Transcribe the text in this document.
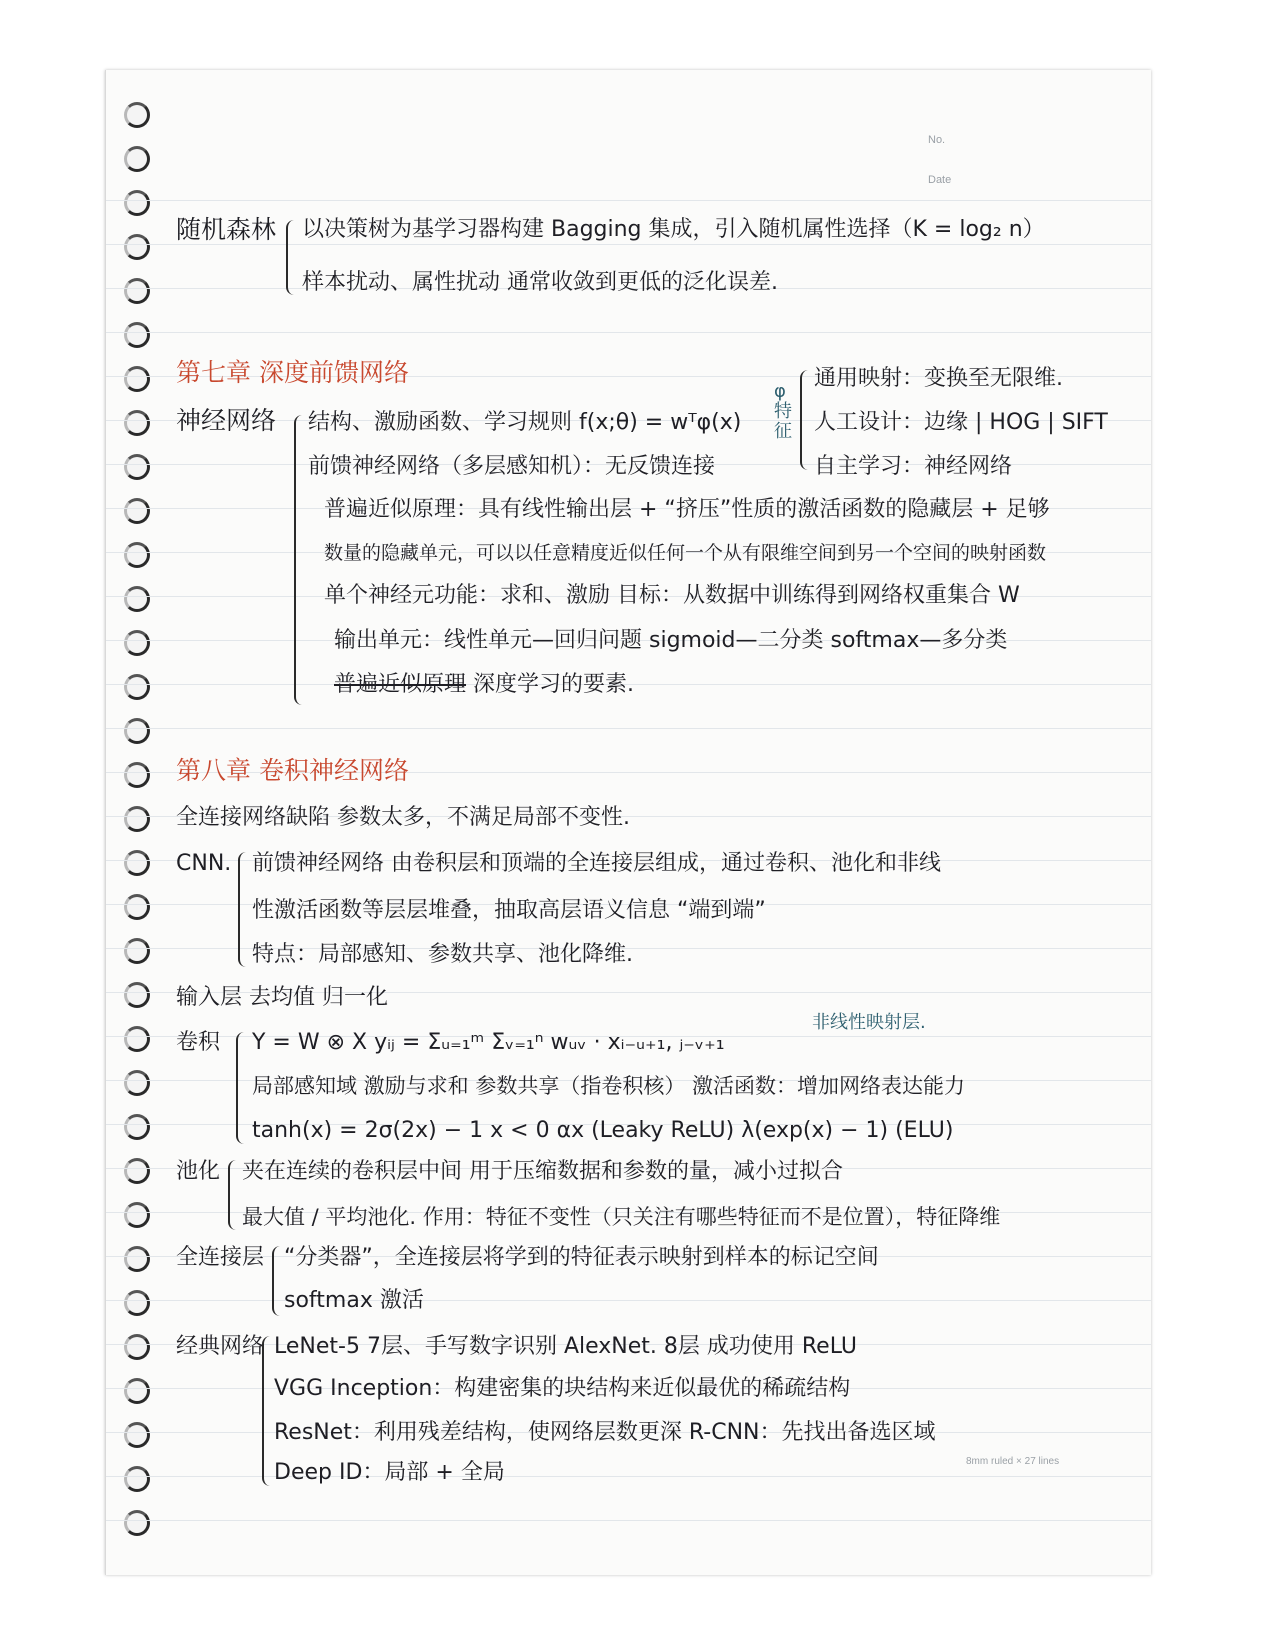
No.
Date
随机森林 以决策树为基学习器构建 Bagging 集成，引入随机属性选择（K = log₂ n）
样本扰动、属性扰动 通常收敛到更低的泛化误差.
第七章 深度前馈网络
神经网络 结构、激励函数、学习规则 f(x;θ) = wᵀφ(x)
前馈神经网络（多层感知机）：无反馈连接
普遍近似原理：具有线性输出层 + “挤压”性质的激活函数的隐藏层 + 足够
数量的隐藏单元，可以以任意精度近似任何一个从有限维空间到另一个空间的映射函数
单个神经元功能：求和、激励 目标：从数据中训练得到网络权重集合 W
输出单元：线性单元—回归问题 sigmoid—二分类 softmax—多分类
普遍近似原理 深度学习的要素.
φ 特征
通用映射：变换至无限维.
人工设计：边缘 | HOG | SIFT
自主学习：神经网络
第八章 卷积神经网络
全连接网络缺陷 参数太多，不满足局部不变性.
CNN. 前馈神经网络 由卷积层和顶端的全连接层组成，通过卷积、池化和非线
性激活函数等层层堆叠，抽取高层语义信息 “端到端”
特点：局部感知、参数共享、池化降维.
输入层 去均值 归一化
卷积
非线性映射层.
Y = W ⊗ X yᵢⱼ = Σᵤ₌₁ᵐ Σᵥ₌₁ⁿ wᵤᵥ · xᵢ₋ᵤ₊₁, ⱼ₋ᵥ₊₁
局部感知域 激励与求和 参数共享（指卷积核） 激活函数：增加网络表达能力
tanh(x) = 2σ(2x) − 1 x < 0 αx (Leaky ReLU) λ(exp(x) − 1) (ELU)
池化 夹在连续的卷积层中间 用于压缩数据和参数的量，减小过拟合
最大值 / 平均池化. 作用：特征不变性（只关注有哪些特征而不是位置），特征降维
全连接层 “分类器”，全连接层将学到的特征表示映射到样本的标记空间
softmax 激活
经典网络 LeNet-5 7层、手写数字识别 AlexNet. 8层 成功使用 ReLU
VGG Inception：构建密集的块结构来近似最优的稀疏结构
ResNet：利用残差结构，使网络层数更深 R-CNN：先找出备选区域
Deep ID：局部 + 全局	8mm ruled × 27 lines
